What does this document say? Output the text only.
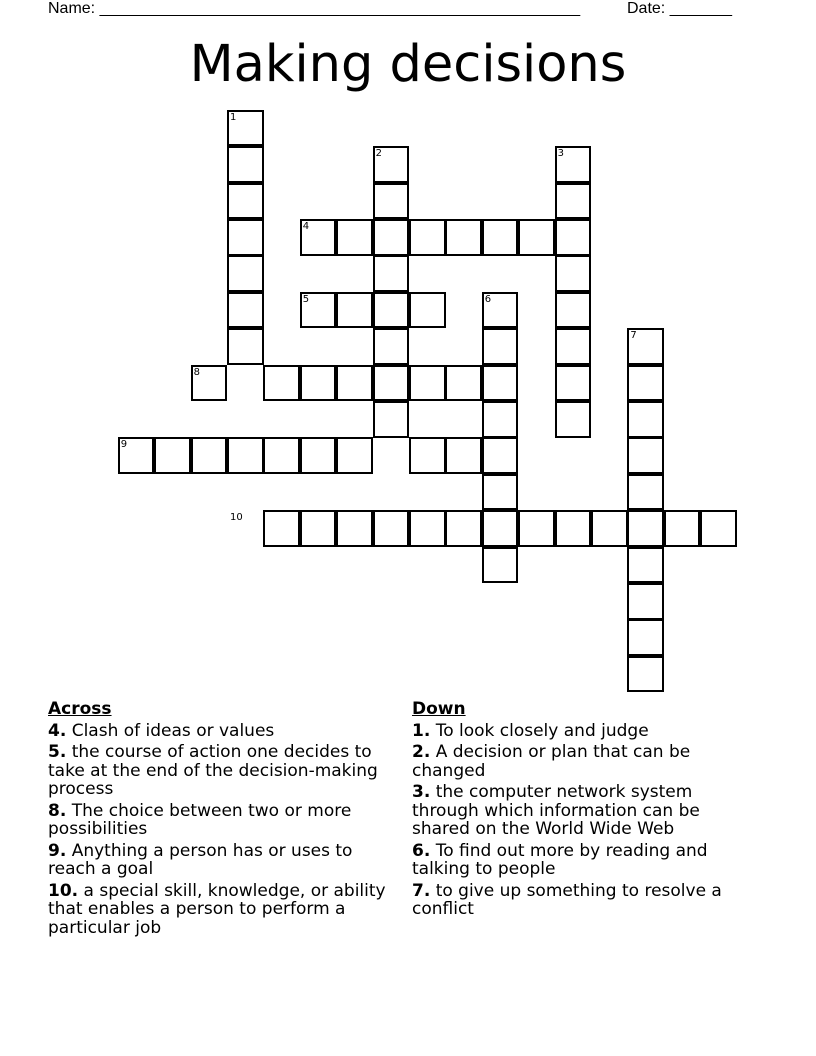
Name: ______________________________________________________	Date: _______
Making decisions
1
2	3
4
5	6
7
8
9
10
Across
4. Clash of ideas or values
5. the course of action one decides to take at the end of the decision-making process
8. The choice between two or more possibilities
9. Anything a person has or uses to reach a goal
10. a special skill, knowledge, or ability that enables a person to perform a particular job
Down
1. To look closely and judge
2. A decision or plan that can be changed
3. the computer network system through which information can be shared on the World Wide Web
6. To find out more by reading and talking to people
7. to give up something to resolve a conflict
